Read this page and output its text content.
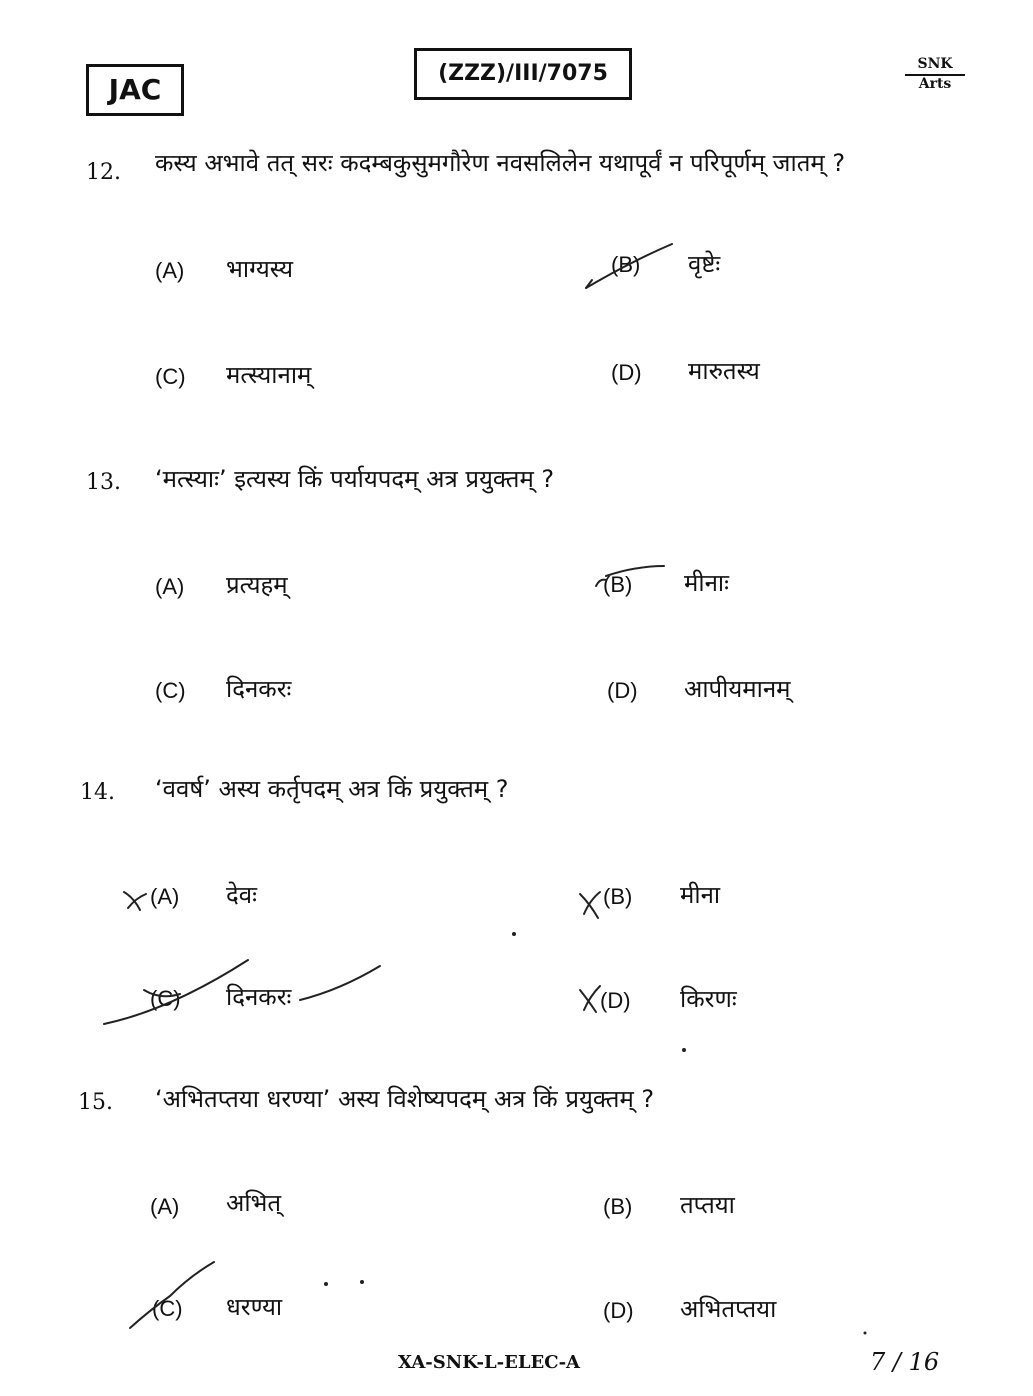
JAC	(ZZZ)/III/7075	SNK
Arts
12. कस्य अभावे तत् सरः कदम्बकुसुमगौरेण नवसलिलेन यथापूर्वं न परिपूर्णम् जातम् ?
(A) भाग्यस्य	(B) वृष्टेः
(C) मत्स्यानाम्	(D) मारुतस्य
13. ‘मत्स्याः’ इत्यस्य किं पर्यायपदम् अत्र प्रयुक्तम् ?
(A) प्रत्यहम्	(B) मीनाः
(C) दिनकरः	(D) आपीयमानम्
14. ‘ववर्ष’ अस्य कर्तृपदम् अत्र किं प्रयुक्तम् ?
(A) देवः	(B) मीना
(C) दिनकरः	(D) किरणः
15. ‘अभितप्तया धरण्या’ अस्य विशेष्यपदम् अत्र किं प्रयुक्तम् ?
(A) अभित्	(B) तप्तया
(C) धरण्या	(D) अभितप्तया
XA-SNK-L-ELEC-A	7 / 16
